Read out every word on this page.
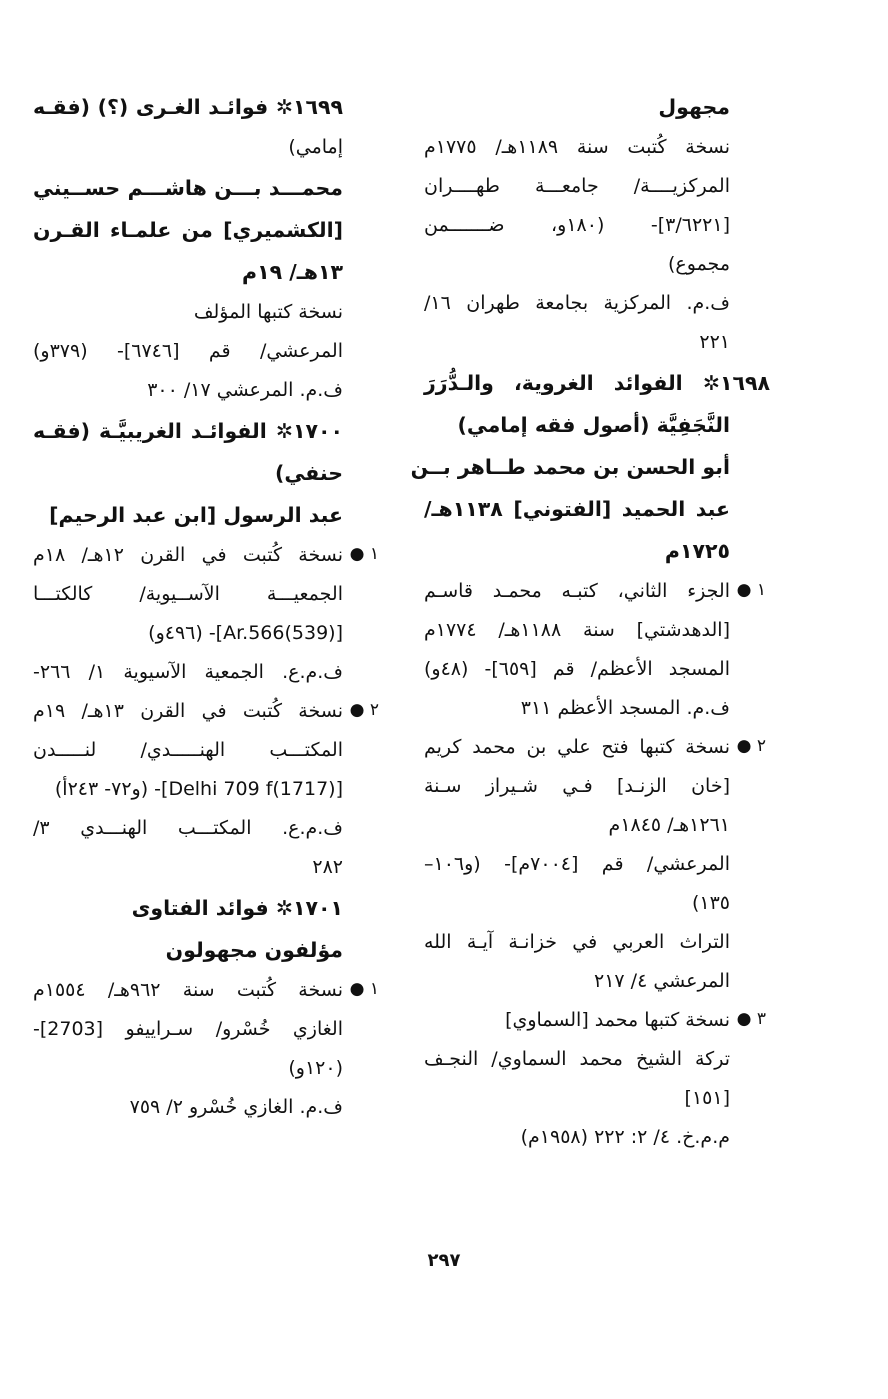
مجهول
نسخة كُتبت سنة ١١٨٩هـ/ ١٧٧٥م
المركزيــــة/ جامعـــة طهــــران
[٣/٦٢٢١]- (١٨٠و، ضـــــــمن
مجموع)
ف.م. المركزية بجامعة طهران ١٦/
٢٢١
١٦٩٨✲ الفوائد الغروية، والـدُّرَرَ
النَّجَفِيَّة (أصول فقه إمامي)
أبو الحسن بن محمد طــاهر بــن
عبد الحميد [الفتوني] ١١٣٨هـ/
١٧٢٥م
١ ●
الجزء الثاني، كتبـه محمـد قاسـم
[الدهدشتي] سنة ١١٨٨هـ/ ١٧٧٤م
المسجد الأعظم/ قم [٦٥٩]- (٤٨و)
ف.م. المسجد الأعظم ٣١١
٢ ●
نسخة كتبها فتح علي بن محمد كريم
[خان الزنـد] فـي شـيراز سـنة
١٢٦١هـ/ ١٨٤٥م
المرعشي/ قم [٧٠٠٤م]- (و١٠٦–
١٣٥)
التراث العربي في خزانـة آيـة الله
المرعشي ٤/ ٢١٧
٣ ●
نسخة كتبها محمد [السماوي]
تركة الشيخ محمد السماوي/ النجـف
[١٥١]
م.م.خ. ٤/ ٢: ٢٢٢ (١٩٥٨م)
١٦٩٩✲ فوائـد الغـرى (؟) (فقـه
إمامي)
محمـــد بـــن هاشـــم حســيني
[الكشميري] من علمـاء القـرن
١٣هـ/ ١٩م
نسخة كتبها المؤلف
المرعشي/ قم [٦٧٤٦]- (٣٧٩و)
ف.م. المرعشي ١٧/ ٣٠٠
١٧٠٠✲ الفوائـد الغريبيَّـة (فقـه
حنفي)
عبد الرسول [ابن عبد الرحيم]
١ ●
نسخة كُتبت في القرن ١٢هـ/ ١٨م
الجمعيـــة الآســيوية/ كالكتـــا
[Ar.566(539)]- (٤٩٦و)
ف.م.ع. الجمعية الآسيوية ١/ ٢٦٦-
٢ ●
نسخة كُتبت في القرن ١٣هـ/ ١٩م
المكتـــب الهنـــــدي/ لنـــــدن
[Delhi 709 f(1717)]- (و٧٢- ٢٤٣أ)
ف.م.ع. المكتـــب الهنـــدي ٣/
٢٨٢
١٧٠١✲ فوائد الفتاوى
مؤلفون مجهولون
١ ●
نسخة كُتبت سنة ٩٦٢هـ/ ١٥٥٤م
الغازي خُسْرو/ سـراييفو [2703]-
(١٢٠و)
ف.م. الغازي خُسْرو ٢/ ٧٥٩
٢٩٧
